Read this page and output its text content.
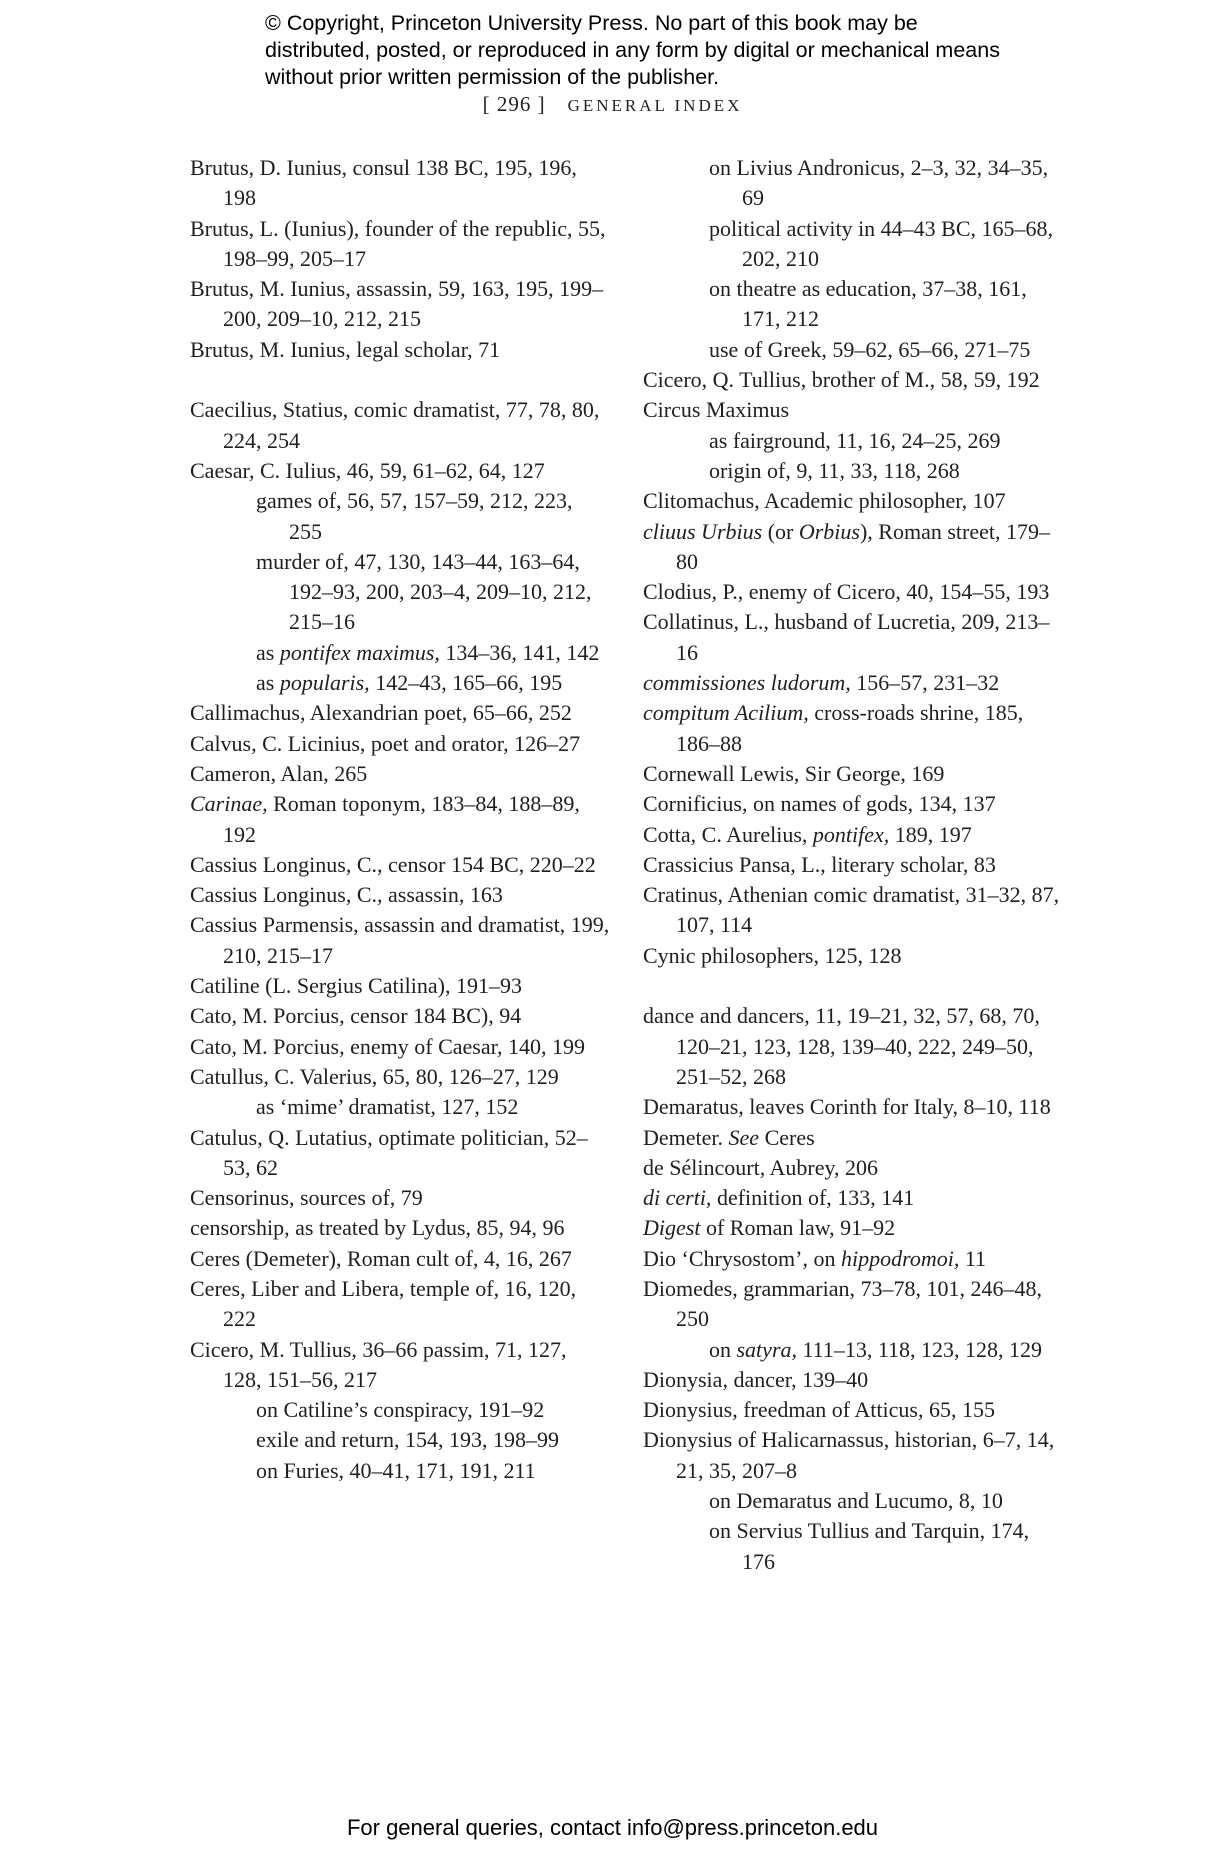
© Copyright, Princeton University Press. No part of this book may be distributed, posted, or reproduced in any form by digital or mechanical means without prior written permission of the publisher.
[ 296 ] GENERAL INDEX
Brutus, D. Iunius, consul 138 BC, 195, 196, 198
Brutus, L. (Iunius), founder of the republic, 55, 198–99, 205–17
Brutus, M. Iunius, assassin, 59, 163, 195, 199–200, 209–10, 212, 215
Brutus, M. Iunius, legal scholar, 71
Caecilius, Statius, comic dramatist, 77, 78, 80, 224, 254
Caesar, C. Iulius, 46, 59, 61–62, 64, 127
games of, 56, 57, 157–59, 212, 223, 255
murder of, 47, 130, 143–44, 163–64, 192–93, 200, 203–4, 209–10, 212, 215–16
as pontifex maximus, 134–36, 141, 142
as popularis, 142–43, 165–66, 195
Callimachus, Alexandrian poet, 65–66, 252
Calvus, C. Licinius, poet and orator, 126–27
Cameron, Alan, 265
Carinae, Roman toponym, 183–84, 188–89, 192
Cassius Longinus, C., censor 154 BC, 220–22
Cassius Longinus, C., assassin, 163
Cassius Parmensis, assassin and dramatist, 199, 210, 215–17
Catiline (L. Sergius Catilina), 191–93
Cato, M. Porcius, censor 184 BC), 94
Cato, M. Porcius, enemy of Caesar, 140, 199
Catullus, C. Valerius, 65, 80, 126–27, 129
as ‘mime’ dramatist, 127, 152
Catulus, Q. Lutatius, optimate politician, 52–53, 62
Censorinus, sources of, 79
censorship, as treated by Lydus, 85, 94, 96
Ceres (Demeter), Roman cult of, 4, 16, 267
Ceres, Liber and Libera, temple of, 16, 120, 222
Cicero, M. Tullius, 36–66 passim, 71, 127, 128, 151–56, 217
on Catiline’s conspiracy, 191–92
exile and return, 154, 193, 198–99
on Furies, 40–41, 171, 191, 211
on Livius Andronicus, 2–3, 32, 34–35, 69
political activity in 44–43 BC, 165–68, 202, 210
on theatre as education, 37–38, 161, 171, 212
use of Greek, 59–62, 65–66, 271–75
Cicero, Q. Tullius, brother of M., 58, 59, 192
Circus Maximus
as fairground, 11, 16, 24–25, 269
origin of, 9, 11, 33, 118, 268
Clitomachus, Academic philosopher, 107
cliuus Urbius (or Orbius), Roman street, 179–80
Clodius, P., enemy of Cicero, 40, 154–55, 193
Collatinus, L., husband of Lucretia, 209, 213–16
commissiones ludorum, 156–57, 231–32
compitum Acilium, cross-roads shrine, 185, 186–88
Cornewall Lewis, Sir George, 169
Cornificius, on names of gods, 134, 137
Cotta, C. Aurelius, pontifex, 189, 197
Crassicius Pansa, L., literary scholar, 83
Cratinus, Athenian comic dramatist, 31–32, 87, 107, 114
Cynic philosophers, 125, 128
dance and dancers, 11, 19–21, 32, 57, 68, 70, 120–21, 123, 128, 139–40, 222, 249–50, 251–52, 268
Demaratus, leaves Corinth for Italy, 8–10, 118
Demeter. See Ceres
de Sélincourt, Aubrey, 206
di certi, definition of, 133, 141
Digest of Roman law, 91–92
Dio ‘Chrysostom’, on hippodromoi, 11
Diomedes, grammarian, 73–78, 101, 246–48, 250
on satyra, 111–13, 118, 123, 128, 129
Dionysia, dancer, 139–40
Dionysius, freedman of Atticus, 65, 155
Dionysius of Halicarnassus, historian, 6–7, 14, 21, 35, 207–8
on Demaratus and Lucumo, 8, 10
on Servius Tullius and Tarquin, 174, 176
For general queries, contact info@press.princeton.edu
